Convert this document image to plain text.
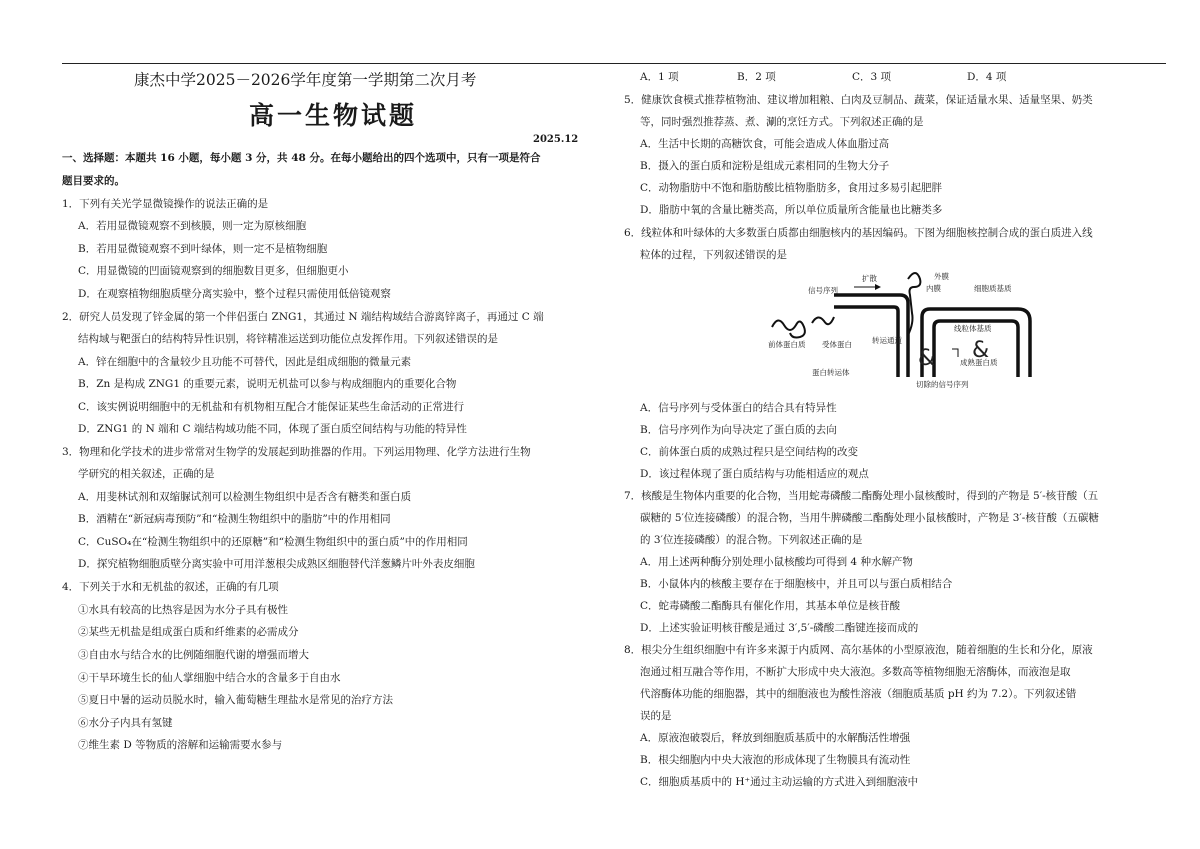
康杰中学2025－2026学年度第一学期第二次月考
高一生物试题
2025.12
一、选择题：本题共 16 小题，每小题 3 分，共 48 分。在每小题给出的四个选项中，只有一项是符合
题目要求的。
1．下列有关光学显微镜操作的说法正确的是
A．若用显微镜观察不到核膜，则一定为原核细胞
B．若用显微镜观察不到叶绿体，则一定不是植物细胞
C．用显微镜的凹面镜观察到的细胞数目更多，但细胞更小
D．在观察植物细胞质壁分离实验中，整个过程只需使用低倍镜观察
2．研究人员发现了锌金属的第一个伴侣蛋白 ZNG1，其通过 N 端结构域结合游离锌离子，再通过 C 端
结构域与靶蛋白的结构特异性识别，将锌精准运送到功能位点发挥作用。下列叙述错误的是
A．锌在细胞中的含量较少且功能不可替代，因此是组成细胞的微量元素
B．Zn 是构成 ZNG1 的重要元素，说明无机盐可以参与构成细胞内的重要化合物
C．该实例说明细胞中的无机盐和有机物相互配合才能保证某些生命活动的正常进行
D．ZNG1 的 N 端和 C 端结构域功能不同，体现了蛋白质空间结构与功能的特异性
3．物理和化学技术的进步常常对生物学的发展起到助推器的作用。下列运用物理、化学方法进行生物
学研究的相关叙述，正确的是
A．用斐林试剂和双缩脲试剂可以检测生物组织中是否含有糖类和蛋白质
B．酒精在“新冠病毒预防”和“检测生物组织中的脂肪”中的作用相同
C．CuSO₄在“检测生物组织中的还原糖”和“检测生物组织中的蛋白质”中的作用相同
D．探究植物细胞质壁分离实验中可用洋葱根尖成熟区细胞替代洋葱鳞片叶外表皮细胞
4．下列关于水和无机盐的叙述，正确的有几项
①水具有较高的比热容是因为水分子具有极性
②某些无机盐是组成蛋白质和纤维素的必需成分
③自由水与结合水的比例随细胞代谢的增强而增大
④干旱环境生长的仙人掌细胞中结合水的含量多于自由水
⑤夏日中暑的运动员脱水时，输入葡萄糖生理盐水是常见的治疗方法
⑥水分子内具有氢键
⑦维生素 D 等物质的溶解和运输需要水参与
A．1 项	B．2 项	C．3 项	D．4 项
5．健康饮食模式推荐植物油、建议增加粗粮、白肉及豆制品、蔬菜，保证适量水果、适量坚果、奶类
等，同时强烈推荐蒸、煮、涮的烹饪方式。下列叙述正确的是
A．生活中长期的高糖饮食，可能会造成人体血脂过高
B．摄入的蛋白质和淀粉是组成元素相同的生物大分子
C．动物脂肪中不饱和脂肪酸比植物脂肪多，食用过多易引起肥胖
D．脂肪中氧的含量比糖类高，所以单位质量所含能量也比糖类多
6．线粒体和叶绿体的大多数蛋白质都由细胞核内的基因编码。下图为细胞核控制合成的蛋白质进入线
粒体的过程，下列叙述错误的是
& &
信号序列
扩散	外膜
内膜	细胞质基质
线粒体基质
前体蛋白质 受体蛋白	转运通道
成熟蛋白质
蛋白转运体
切除的信号序列
A．信号序列与受体蛋白的结合具有特异性
B．信号序列作为向导决定了蛋白质的去向
C．前体蛋白质的成熟过程只是空间结构的改变
D．该过程体现了蛋白质结构与功能相适应的观点
7．核酸是生物体内重要的化合物，当用蛇毒磷酸二酯酶处理小鼠核酸时，得到的产物是 5′-核苷酸（五
碳糖的 5′位连接磷酸）的混合物，当用牛脾磷酸二酯酶处理小鼠核酸时，产物是 3′-核苷酸（五碳糖
的 3′位连接磷酸）的混合物。下列叙述正确的是
A．用上述两种酶分别处理小鼠核酸均可得到 4 种水解产物
B．小鼠体内的核酸主要存在于细胞核中，并且可以与蛋白质相结合
C．蛇毒磷酸二酯酶具有催化作用，其基本单位是核苷酸
D．上述实验证明核苷酸是通过 3′,5′-磷酸二酯键连接而成的
8．根尖分生组织细胞中有许多来源于内质网、高尔基体的小型原液泡，随着细胞的生长和分化，原液
泡通过相互融合等作用，不断扩大形成中央大液泡。多数高等植物细胞无溶酶体，而液泡是取
代溶酶体功能的细胞器，其中的细胞液也为酸性溶液（细胞质基质 pH 约为 7.2）。下列叙述错
误的是
A．原液泡破裂后，释放到细胞质基质中的水解酶活性增强
B．根尖细胞内中央大液泡的形成体现了生物膜具有流动性
C．细胞质基质中的 H⁺通过主动运输的方式进入到细胞液中
